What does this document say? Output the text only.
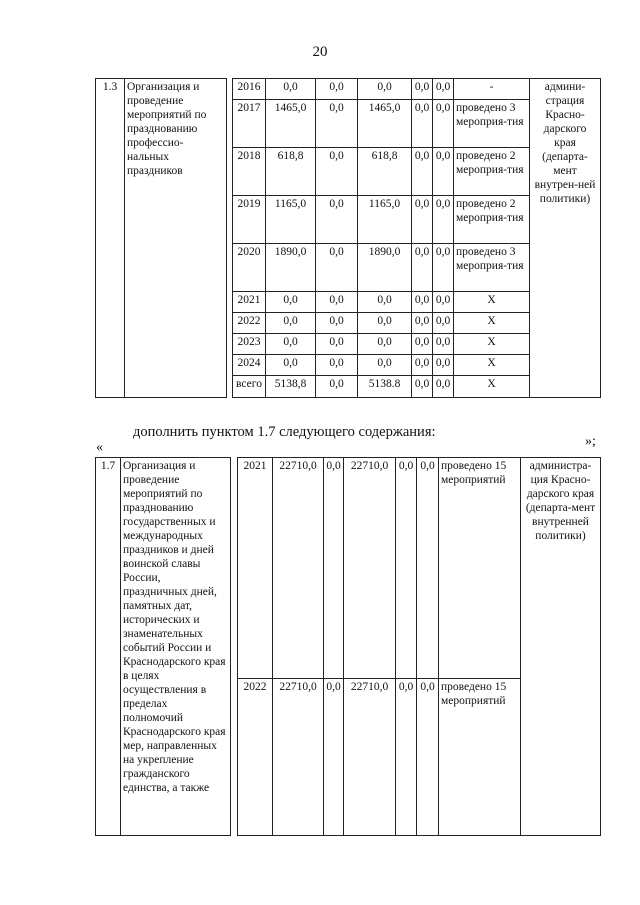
20
1.3	Организация и проведение мероприятий по празднованию профессио-нальных праздников		2016	0,0	0,0	0,0	0,0	0,0	-	админи-страция Красно-дарского края (департа-мент внутрен-ней политики)
			2017	1465,0	0,0	1465,0	0,0	0,0	проведено 3 мероприя-тия	
			2018	618,8	0,0	618,8	0,0	0,0	проведено 2 мероприя-тия	
			2019	1165,0	0,0	1165,0	0,0	0,0	проведено 2 мероприя-тия	
			2020	1890,0	0,0	1890,0	0,0	0,0	проведено 3 мероприя-тия	
			2021	0,0	0,0	0,0	0,0	0,0	X	
			2022	0,0	0,0	0,0	0,0	0,0	X	
			2023	0,0	0,0	0,0	0,0	0,0	X	
			2024	0,0	0,0	0,0	0,0	0,0	X	
			всего	5138,8	0,0	5138.8	0,0	0,0	X	
»;
дополнить пунктом 1.7 следующего содержания:
«
1.7	Организация и проведение мероприятий по празднованию государственных и международных праздников и дней воинской славы России, праздничных дней, памятных дат, исторических и знаменательных событий России и Краснодарского края в целях осуществления в пределах полномочий Краснодарского края мер, направленных на укрепление гражданского единства, а также		2021	22710,0	0,0	22710,0	0,0	0,0	проведено 15 мероприятий	администра-ция Красно-дарского края (департа-мент внутренней политики)
			2022	22710,0	0,0	22710,0	0,0	0,0	проведено 15 мероприятий	
